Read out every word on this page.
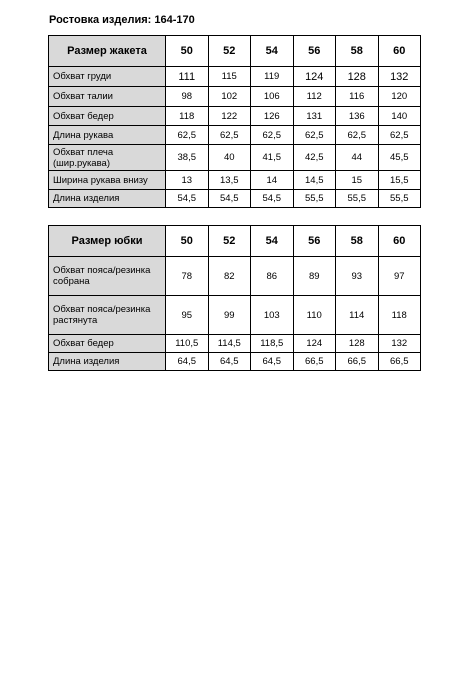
Ростовка изделия: 164-170
Размер жакета	50	52	54	56	58	60
Обхват груди	111	115	119	124	128	132
Обхват талии	98	102	106	112	116	120
Обхват бедер	118	122	126	131	136	140
Длина рукава	62,5	62,5	62,5	62,5	62,5	62,5
Обхват плеча (шир.рукава)	38,5	40	41,5	42,5	44	45,5
Ширина рукава внизу	13	13,5	14	14,5	15	15,5
Длина изделия	54,5	54,5	54,5	55,5	55,5	55,5
Размер юбки	50	52	54	56	58	60
Обхват пояса/резинка собрана	78	82	86	89	93	97
Обхват пояса/резинка растянута	95	99	103	110	114	118
Обхват бедер	110,5	114,5	118,5	124	128	132
Длина изделия	64,5	64,5	64,5	66,5	66,5	66,5
